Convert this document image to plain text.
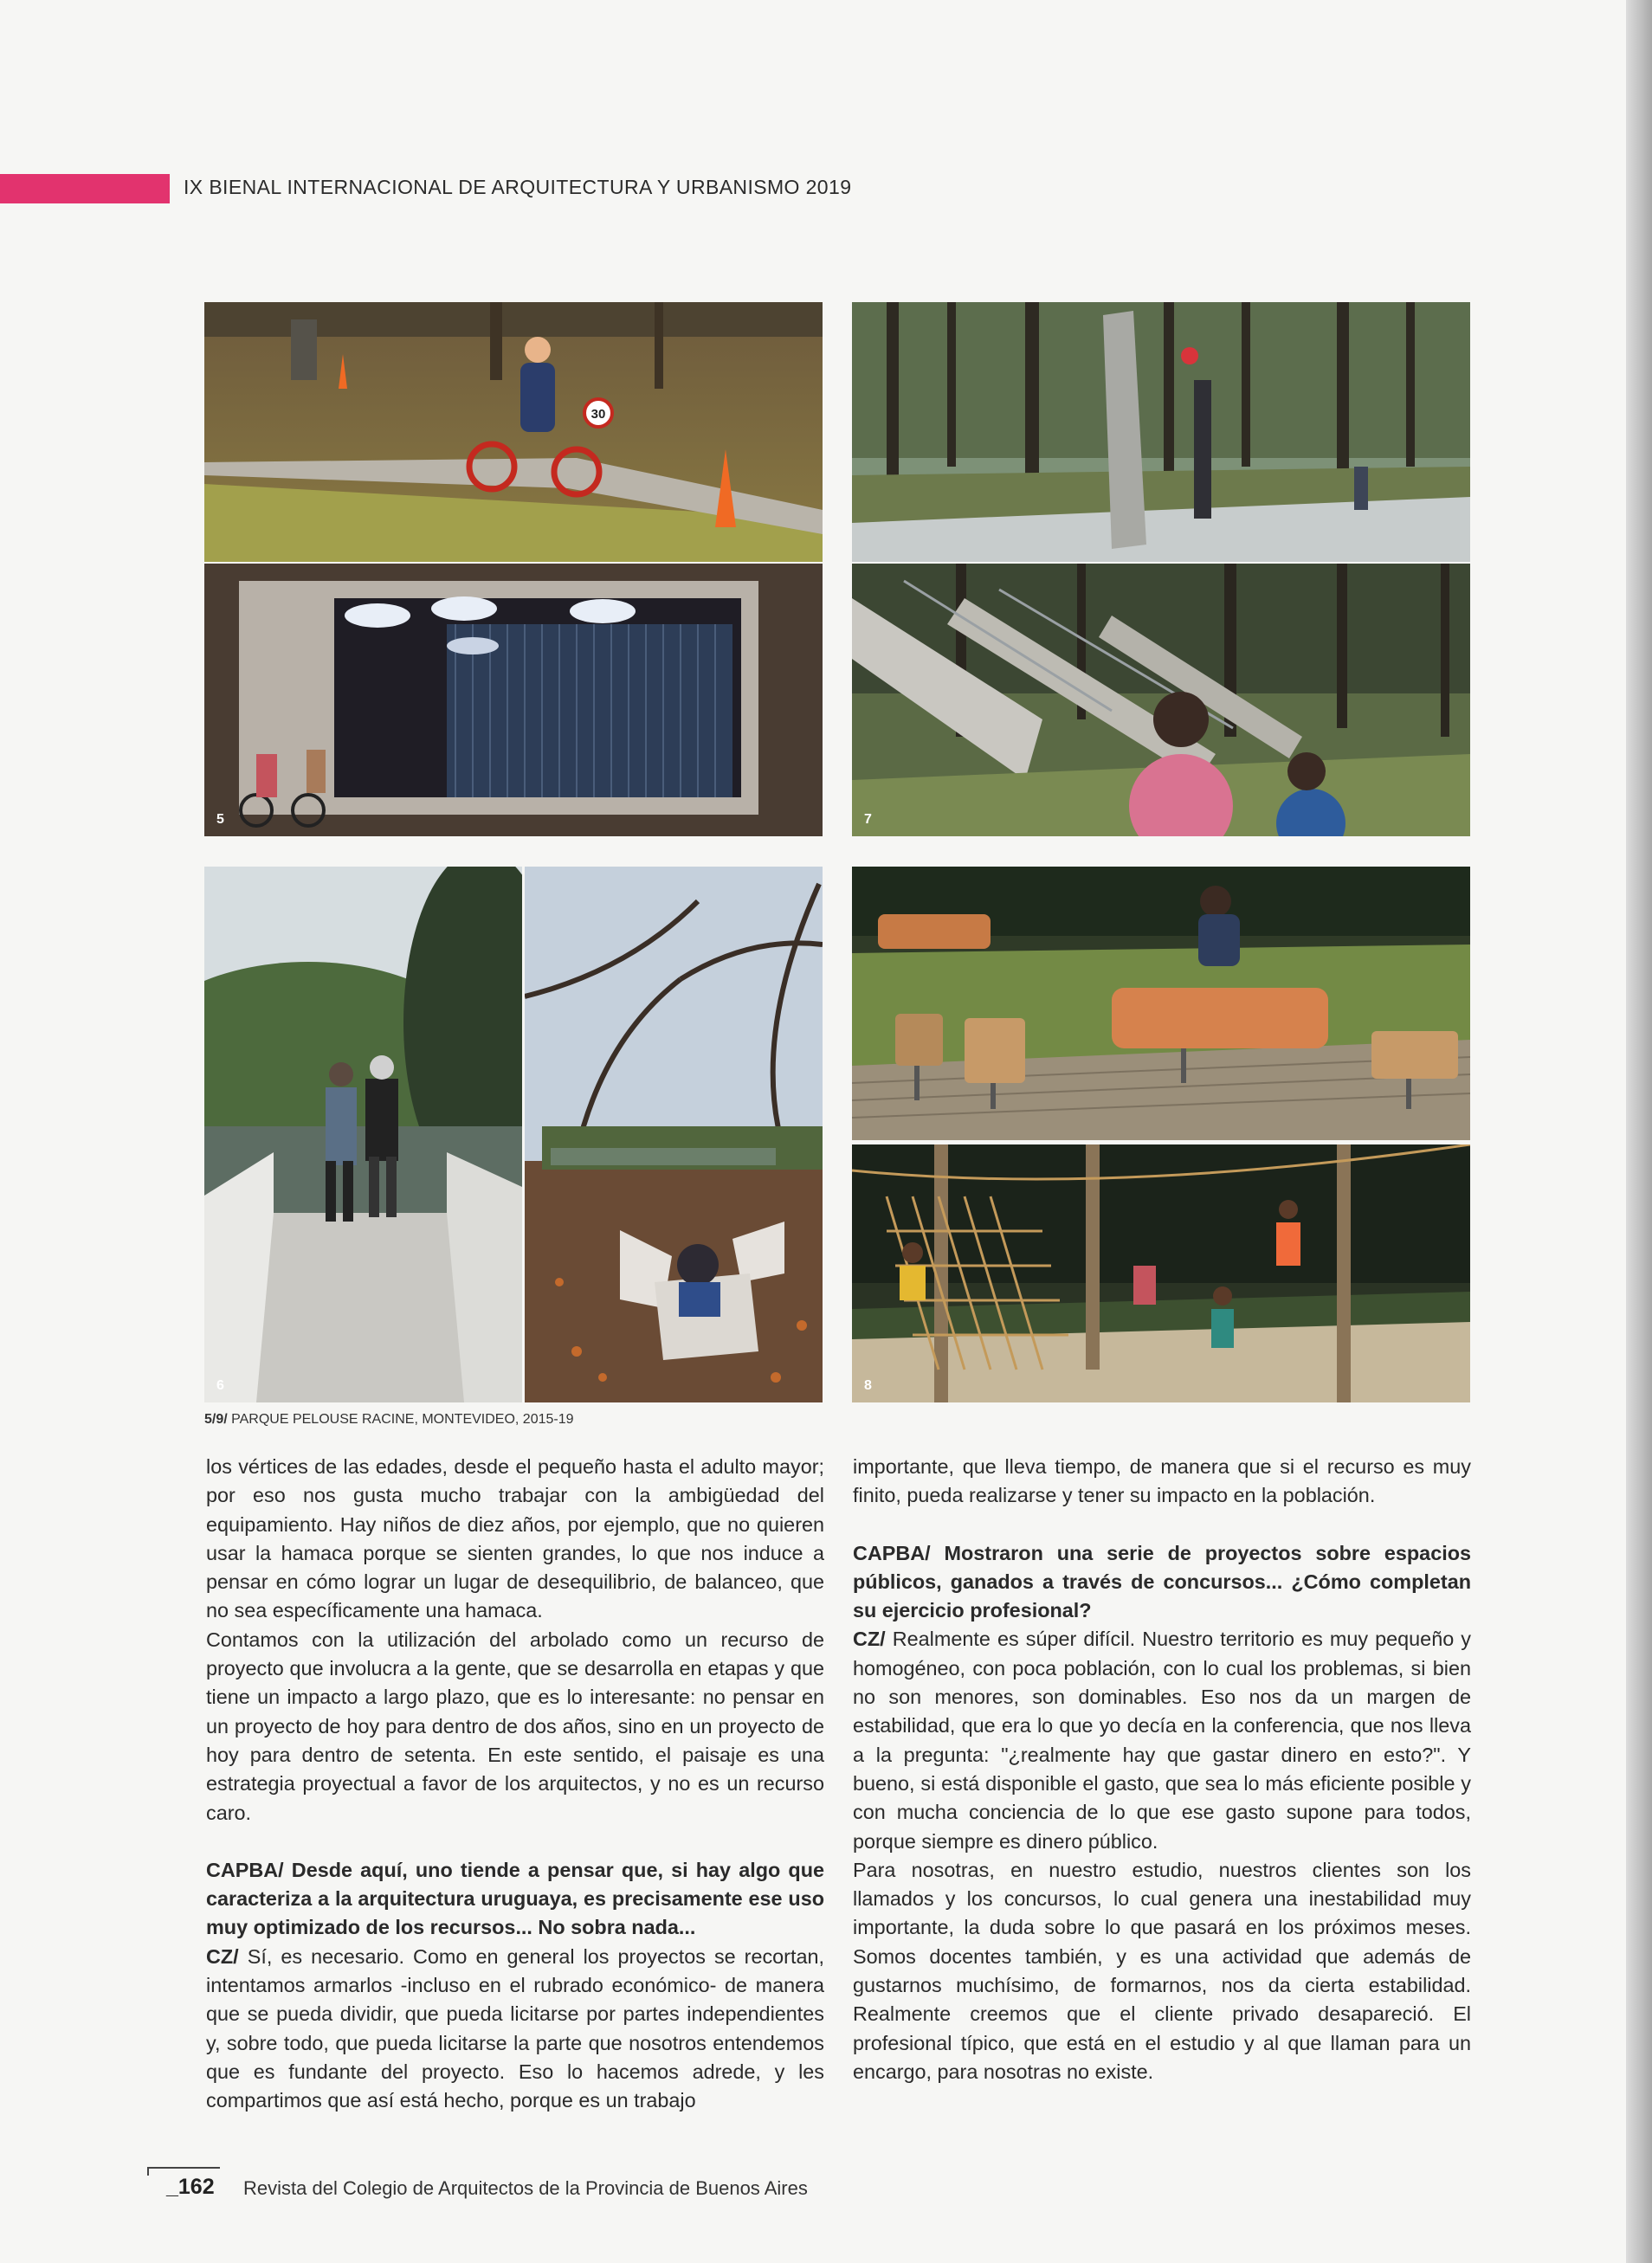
IX BIENAL INTERNACIONAL DE ARQUITECTURA Y URBANISMO 2019
30
5	7
6	8
5/9/ PARQUE PELOUSE RACINE, MONTEVIDEO, 2015-19

los vértices de las edades, desde el pequeño hasta el adulto mayor; por eso nos gusta mucho trabajar con la ambigüedad del equipamiento. Hay niños de diez años, por ejemplo, que no quieren usar la hamaca porque se sienten grandes, lo que nos induce a pensar en cómo lograr un lugar de desequilibrio, de balanceo, que no sea específicamente una hamaca.

Contamos con la utilización del arbolado como un recurso de proyecto que involucra a la gente, que se desarrolla en etapas y que tiene un impacto a largo plazo, que es lo interesante: no pensar en un proyecto de hoy para dentro de dos años, sino en un proyecto de hoy para dentro de setenta. En este sentido, el paisaje es una estrategia proyectual a favor de los arquitectos, y no es un recurso caro.

CAPBA/ Desde aquí, uno tiende a pensar que, si hay algo que caracteriza a la arquitectura uruguaya, es precisamente ese uso muy optimizado de los recursos... No sobra nada...

CZ/ Sí, es necesario. Como en general los proyectos se recortan, intentamos armarlos -incluso en el rubrado económico- de manera que se pueda dividir, que pueda licitarse por partes independientes y, sobre todo, que pueda licitarse la parte que nosotros entendemos que es fundante del proyecto. Eso lo hacemos adrede, y les compartimos que así está hecho, porque es un trabajo

importante, que lleva tiempo, de manera que si el recurso es muy finito, pueda realizarse y tener su impacto en la población.

CAPBA/ Mostraron una serie de proyectos sobre espacios públicos, ganados a través de concursos... ¿Cómo completan su ejercicio profesional?

CZ/ Realmente es súper difícil. Nuestro territorio es muy pequeño y homogéneo, con poca población, con lo cual los problemas, si bien no son menores, son dominables. Eso nos da un margen de estabilidad, que era lo que yo decía en la conferencia, que nos lleva a la pregunta: "¿realmente hay que gastar dinero en esto?". Y bueno, si está disponible el gasto, que sea lo más eficiente posible y con mucha conciencia de lo que ese gasto supone para todos, porque siempre es dinero público.

Para nosotras, en nuestro estudio, nuestros clientes son los llamados y los concursos, lo cual genera una inestabilidad muy importante, la duda sobre lo que pasará en los próximos meses. Somos docentes también, y es una actividad que además de gustarnos muchísimo, de formarnos, nos da cierta estabilidad. Realmente creemos que el cliente privado desapareció. El profesional típico, que está en el estudio y al que llaman para un encargo, para nosotras no existe.

_162 Revista del Colegio de Arquitectos de la Provincia de Buenos Aires
